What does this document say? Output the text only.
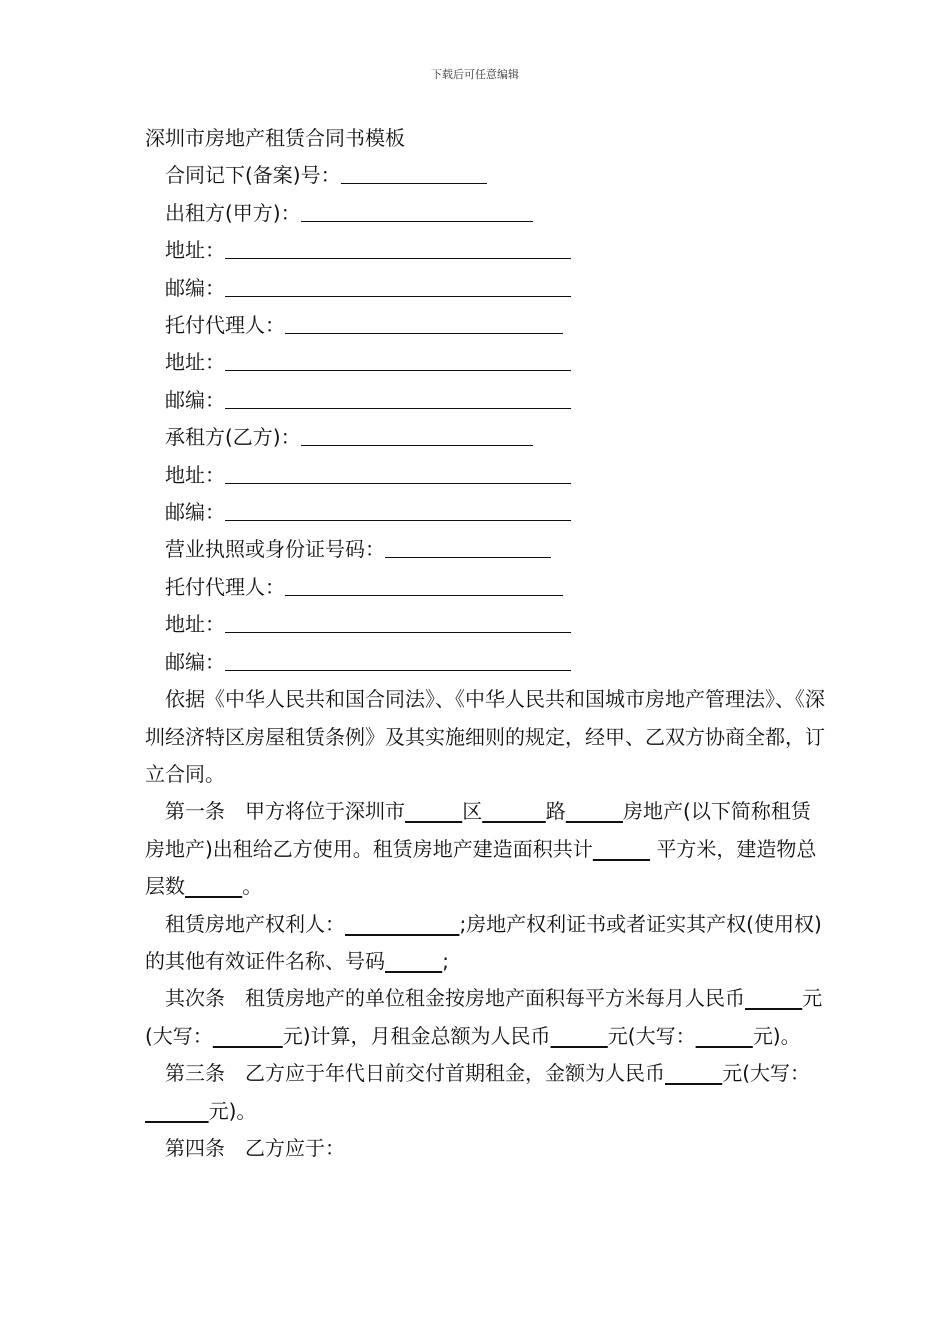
下载后可任意编辑

深圳市房地产租赁合同书模板

合同记下(备案)号：

出租方(甲方)：

地址：

邮编：

托付代理人：

地址：

邮编：

承租方(乙方)：

地址：

邮编：

营业执照或身份证号码：

托付代理人：

地址：

邮编：

依据《中华人民共和国合同法》、《中华人民共和国城市房地产管理法》、《深圳经济特区房屋租赁条例》及其实施细则的规定，经甲、乙双方协商全都，订立合同。

第一条　甲方将位于深圳市	区	路	房地产(以下简称租赁房地产)出租给乙方使用。租赁房地产建造面积共计	平方米，建造物总层数	。

租赁房地产权利人：	;房地产权利证书或者证实其产权(使用权)的其他有效证件名称、号码	;

其次条　租赁房地产的单位租金按房地产面积每平方米每月人民币	元(大写：	元)计算，月租金总额为人民币	元(大写：	元)。

第三条　乙方应于年代日前交付首期租金，金额为人民币	元(大写：          元)。

第四条　乙方应于：
